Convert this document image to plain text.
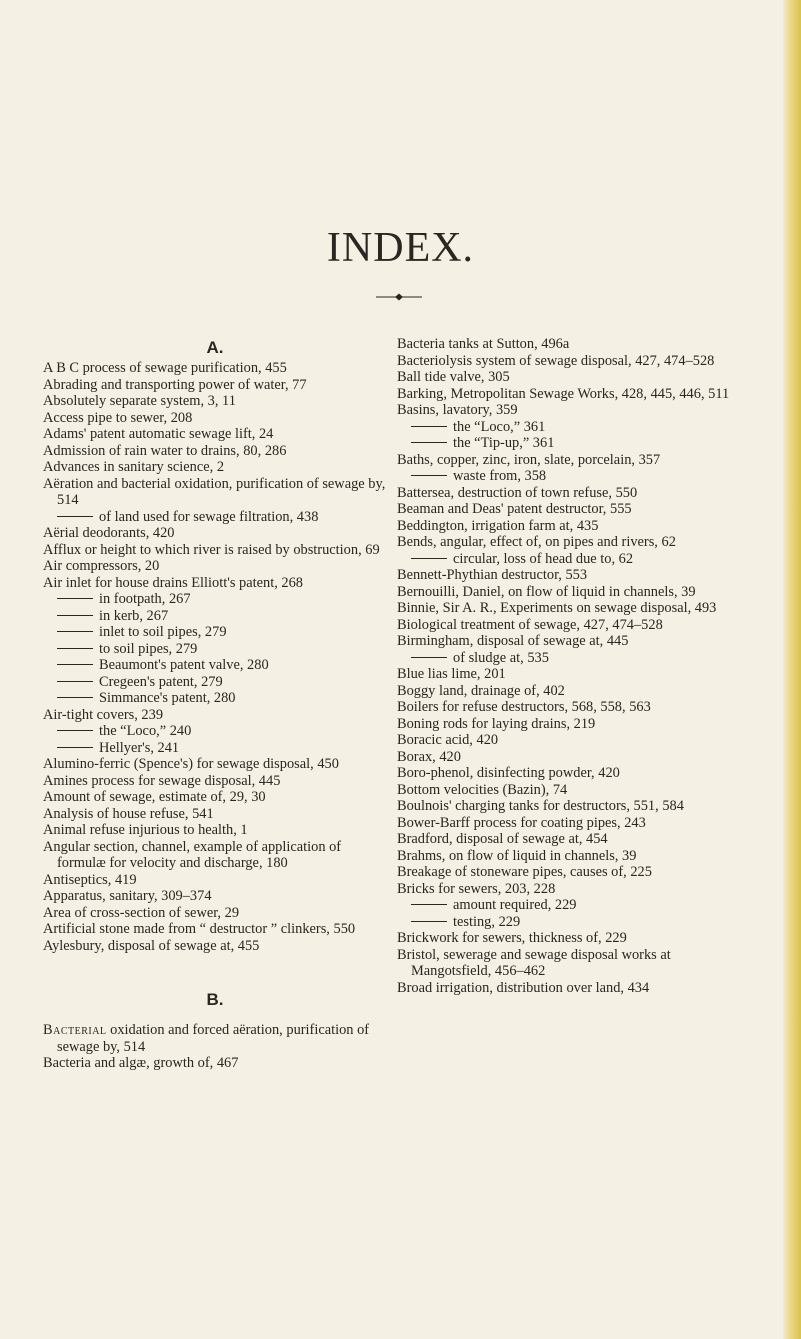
INDEX.
A.
A B C process of sewage purification, 455
Abrading and transporting power of water, 77
Absolutely separate system, 3, 11
Access pipe to sewer, 208
Adams' patent automatic sewage lift, 24
Admission of rain water to drains, 80, 286
Advances in sanitary science, 2
Aëration and bacterial oxidation, purification of sewage by, 514
of land used for sewage filtration, 438
Aërial deodorants, 420
Afflux or height to which river is raised by obstruction, 69
Air compressors, 20
Air inlet for house drains Elliott's patent, 268
in footpath, 267
in kerb, 267
inlet to soil pipes, 279
to soil pipes, 279
Beaumont's patent valve, 280
Cregeen's patent, 279
Simmance's patent, 280
Air-tight covers, 239
the “Loco,” 240
Hellyer's, 241
Alumino-ferric (Spence's) for sewage disposal, 450
Amines process for sewage disposal, 445
Amount of sewage, estimate of, 29, 30
Analysis of house refuse, 541
Animal refuse injurious to health, 1
Angular section, channel, example of application of formulæ for velocity and discharge, 180
Antiseptics, 419
Apparatus, sanitary, 309–374
Area of cross-section of sewer, 29
Artificial stone made from “ destructor ” clinkers, 550
Aylesbury, disposal of sewage at, 455
B.
Bacterial oxidation and forced aëration, purification of sewage by, 514
Bacteria and algæ, growth of, 467
Bacteria tanks at Sutton, 496a
Bacteriolysis system of sewage disposal, 427, 474–528
Ball tide valve, 305
Barking, Metropolitan Sewage Works, 428, 445, 446, 511
Basins, lavatory, 359
the “Loco,” 361
the “Tip-up,” 361
Baths, copper, zinc, iron, slate, porcelain, 357
waste from, 358
Battersea, destruction of town refuse, 550
Beaman and Deas' patent destructor, 555
Beddington, irrigation farm at, 435
Bends, angular, effect of, on pipes and rivers, 62
circular, loss of head due to, 62
Bennett-Phythian destructor, 553
Bernouilli, Daniel, on flow of liquid in channels, 39
Binnie, Sir A. R., Experiments on sewage disposal, 493
Biological treatment of sewage, 427, 474–528
Birmingham, disposal of sewage at, 445
of sludge at, 535
Blue lias lime, 201
Boggy land, drainage of, 402
Boilers for refuse destructors, 568, 558, 563
Boning rods for laying drains, 219
Boracic acid, 420
Borax, 420
Boro-phenol, disinfecting powder, 420
Bottom velocities (Bazin), 74
Boulnois' charging tanks for destructors, 551, 584
Bower-Barff process for coating pipes, 243
Bradford, disposal of sewage at, 454
Brahms, on flow of liquid in channels, 39
Breakage of stoneware pipes, causes of, 225
Bricks for sewers, 203, 228
amount required, 229
testing, 229
Brickwork for sewers, thickness of, 229
Bristol, sewerage and sewage disposal works at Mangotsfield, 456–462
Broad irrigation, distribution over land, 434
